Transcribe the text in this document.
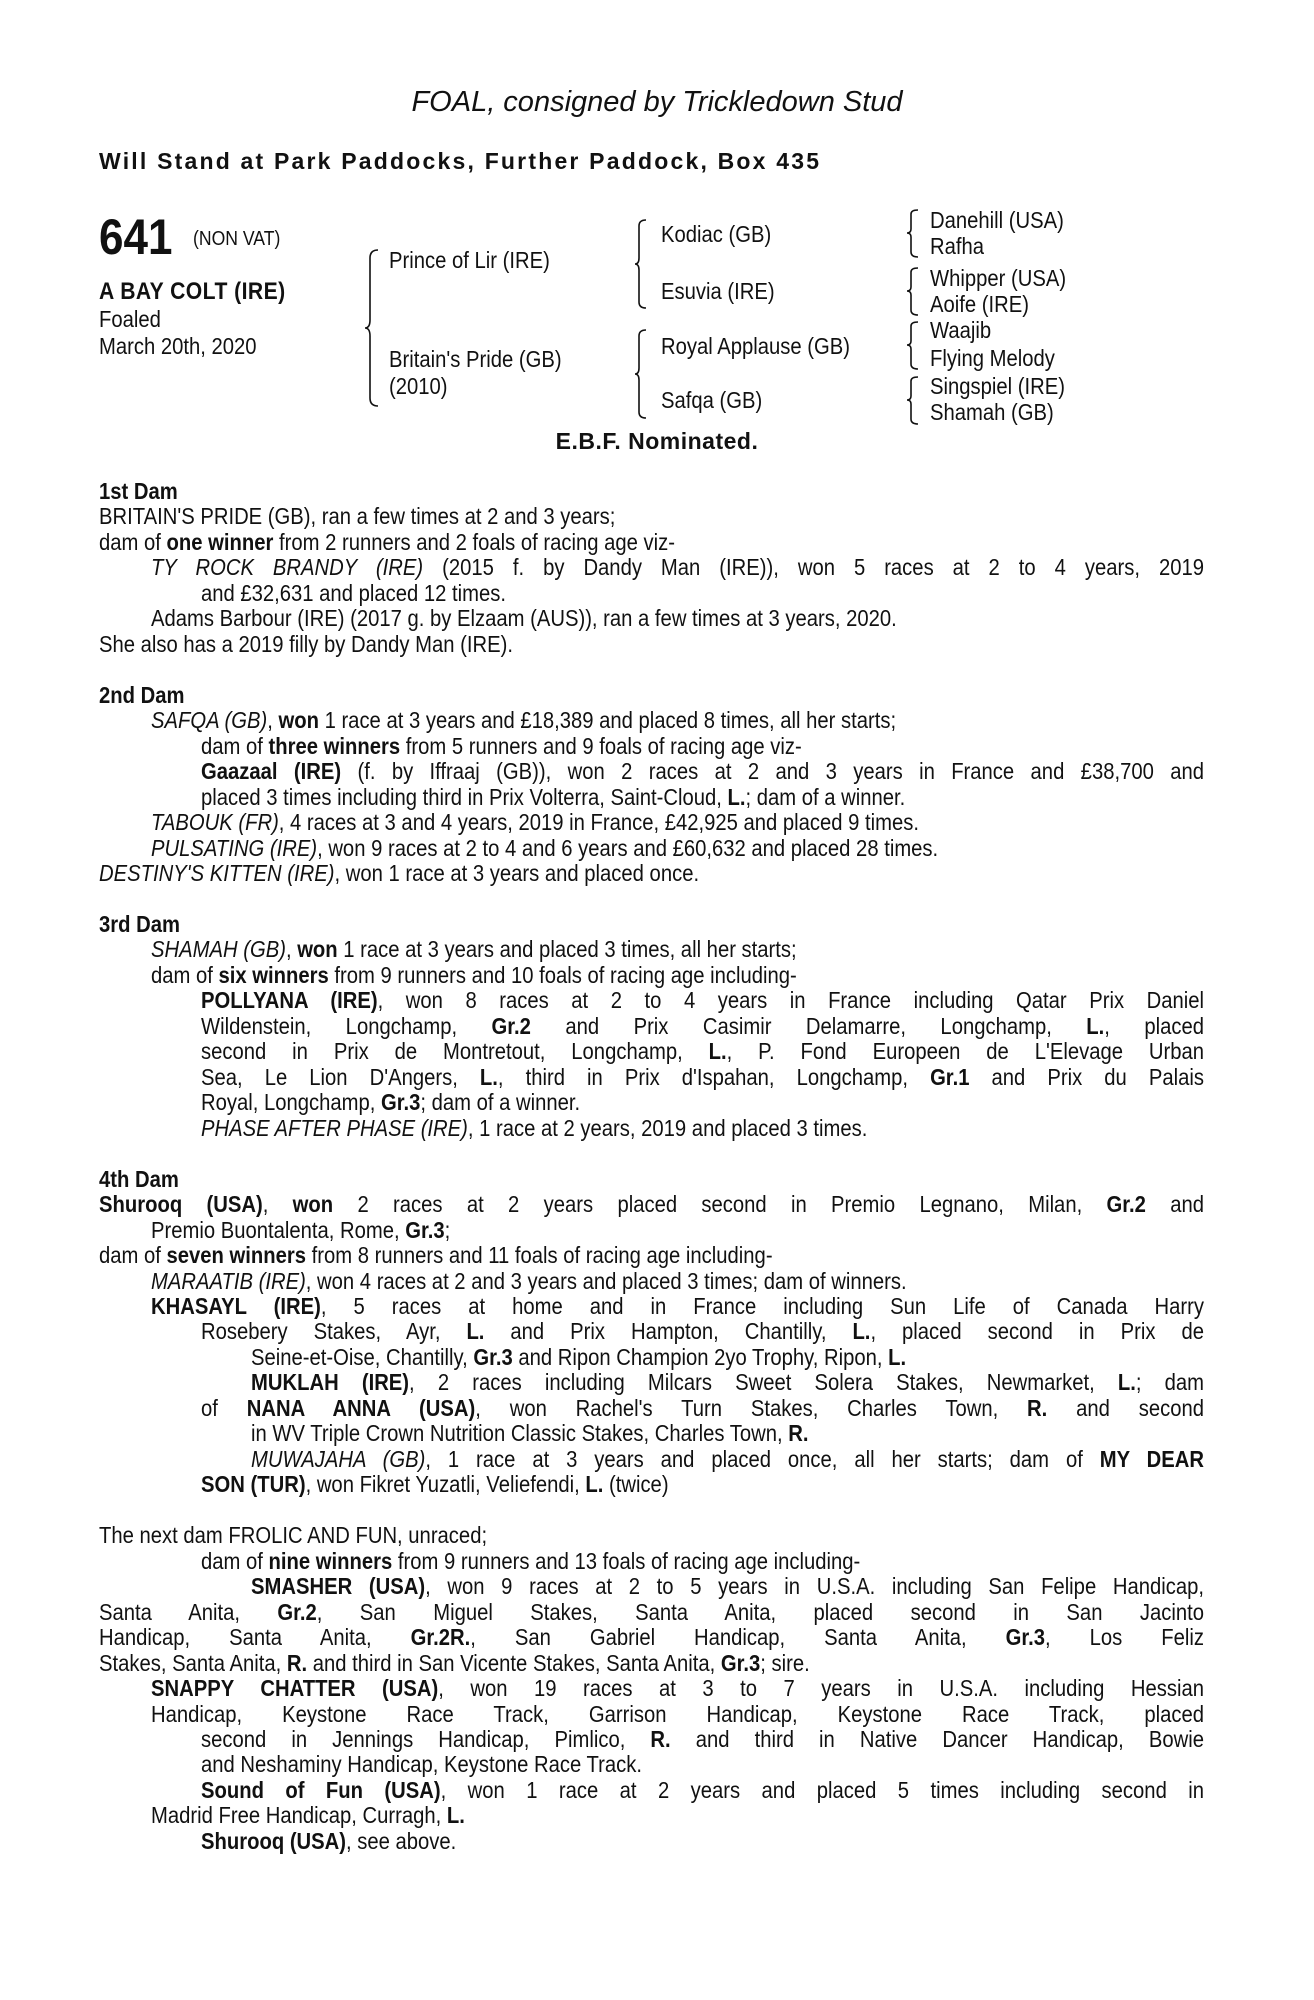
FOAL, consigned by Trickledown Stud
Will Stand at Park Paddocks, Further Paddock, Box 435
641 (NON VAT)
A BAY COLT (IRE)
Foaled
March 20th, 2020
Prince of Lir (IRE)
Britain's Pride (GB)
(2010)
Kodiac (GB)
Esuvia (IRE)
Royal Applause (GB)
Safqa (GB)
Danehill (USA)
Rafha
Whipper (USA)
Aoife (IRE)
Waajib
Flying Melody
Singspiel (IRE)
Shamah (GB)
E.B.F. Nominated.
1st Dam
BRITAIN'S PRIDE (GB), ran a few times at 2 and 3 years;
dam of one winner from 2 runners and 2 foals of racing age viz-
TY ROCK BRANDY (IRE) (2015 f. by Dandy Man (IRE)), won 5 races at 2 to 4 years, 2019
and £32,631 and placed 12 times.
Adams Barbour (IRE) (2017 g. by Elzaam (AUS)), ran a few times at 3 years, 2020.
She also has a 2019 filly by Dandy Man (IRE).
2nd Dam
SAFQA (GB), won 1 race at 3 years and £18,389 and placed 8 times, all her starts;
dam of three winners from 5 runners and 9 foals of racing age viz-
Gaazaal (IRE) (f. by Iffraaj (GB)), won 2 races at 2 and 3 years in France and £38,700 and
placed 3 times including third in Prix Volterra, Saint-Cloud, L.; dam of a winner.
TABOUK (FR), 4 races at 3 and 4 years, 2019 in France, £42,925 and placed 9 times.
PULSATING (IRE), won 9 races at 2 to 4 and 6 years and £60,632 and placed 28 times.
DESTINY'S KITTEN (IRE), won 1 race at 3 years and placed once.
3rd Dam
SHAMAH (GB), won 1 race at 3 years and placed 3 times, all her starts;
dam of six winners from 9 runners and 10 foals of racing age including-
POLLYANA (IRE), won 8 races at 2 to 4 years in France including Qatar Prix Daniel
Wildenstein, Longchamp, Gr.2 and Prix Casimir Delamarre, Longchamp, L., placed
second in Prix de Montretout, Longchamp, L., P. Fond Europeen de L'Elevage Urban
Sea, Le Lion D'Angers, L., third in Prix d'Ispahan, Longchamp, Gr.1 and Prix du Palais
Royal, Longchamp, Gr.3; dam of a winner.
PHASE AFTER PHASE (IRE), 1 race at 2 years, 2019 and placed 3 times.
4th Dam
Shurooq (USA), won 2 races at 2 years placed second in Premio Legnano, Milan, Gr.2 and
Premio Buontalenta, Rome, Gr.3;
dam of seven winners from 8 runners and 11 foals of racing age including-
MARAATIB (IRE), won 4 races at 2 and 3 years and placed 3 times; dam of winners.
KHASAYL (IRE), 5 races at home and in France including Sun Life of Canada Harry
Rosebery Stakes, Ayr, L. and Prix Hampton, Chantilly, L., placed second in Prix de
Seine-et-Oise, Chantilly, Gr.3 and Ripon Champion 2yo Trophy, Ripon, L.
MUKLAH (IRE), 2 races including Milcars Sweet Solera Stakes, Newmarket, L.; dam
of NANA ANNA (USA), won Rachel's Turn Stakes, Charles Town, R. and second
in WV Triple Crown Nutrition Classic Stakes, Charles Town, R.
MUWAJAHA (GB), 1 race at 3 years and placed once, all her starts; dam of MY DEAR
SON (TUR), won Fikret Yuzatli, Veliefendi, L. (twice)
The next dam FROLIC AND FUN, unraced;
dam of nine winners from 9 runners and 13 foals of racing age including-
SMASHER (USA), won 9 races at 2 to 5 years in U.S.A. including San Felipe Handicap,
Santa Anita, Gr.2, San Miguel Stakes, Santa Anita, placed second in San Jacinto
Handicap, Santa Anita, Gr.2R., San Gabriel Handicap, Santa Anita, Gr.3, Los Feliz
Stakes, Santa Anita, R. and third in San Vicente Stakes, Santa Anita, Gr.3; sire.
SNAPPY CHATTER (USA), won 19 races at 3 to 7 years in U.S.A. including Hessian
Handicap, Keystone Race Track, Garrison Handicap, Keystone Race Track, placed
second in Jennings Handicap, Pimlico, R. and third in Native Dancer Handicap, Bowie
and Neshaminy Handicap, Keystone Race Track.
Sound of Fun (USA), won 1 race at 2 years and placed 5 times including second in
Madrid Free Handicap, Curragh, L.
Shurooq (USA), see above.
